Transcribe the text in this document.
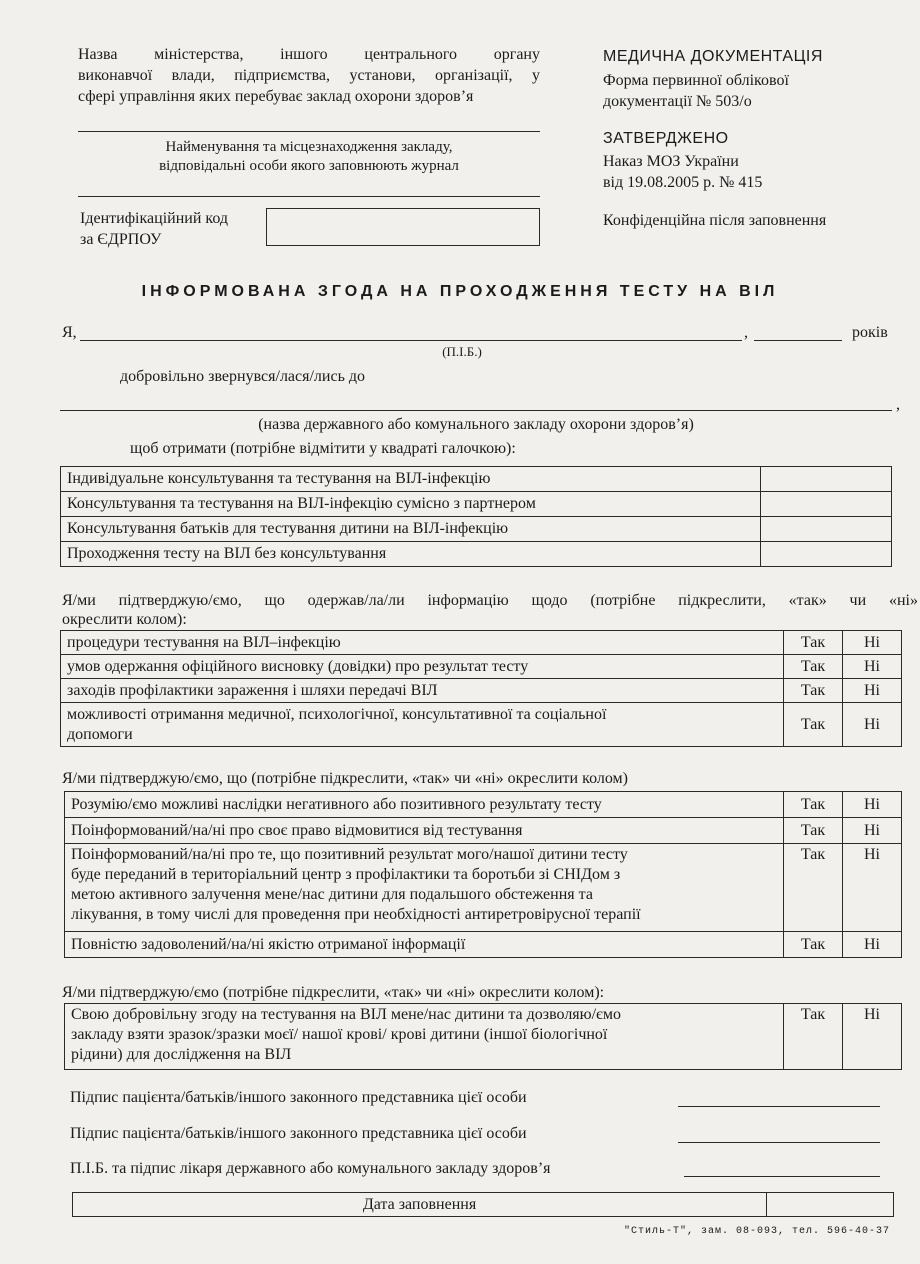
Назва міністерства, іншого центрального органу
виконавчої влади, підприємства, установи, організації, у
сфері управління яких перебуває заклад охорони здоров’я
Найменування та місцезнаходження закладу,
відповідальні особи якого заповнюють журнал
Ідентифікаційний код
за ЄДРПОУ
МЕДИЧНА ДОКУМЕНТАЦІЯ
Форма первинної облікової
документації № 503/о
ЗАТВЕРДЖЕНО
Наказ МОЗ України
від 19.08.2005 р. № 415
Конфіденційна після заповнення
ІНФОРМОВАНА ЗГОДА НА ПРОХОДЖЕННЯ ТЕСТУ НА ВІЛ
Я,	,	років
(П.І.Б.)
добровільно звернувся/лася/лись до
,
(назва державного або комунального закладу охорони здоров’я)
щоб отримати (потрібне відмітити у квадраті галочкою):
Індивідуальне консультування та тестування на ВІЛ-інфекцію	
Консультування та тестування на ВІЛ-інфекцію сумісно з партнером	
Консультування батьків для тестування дитини на ВІЛ-інфекцію	
Проходження тесту на ВІЛ без консультування	
Я/ми підтверджую/ємо, що одержав/ла/ли інформацію щодо (потрібне підкреслити, «так» чи «ні»
окреслити колом):
процедури тестування на ВІЛ–інфекцію	Так	Ні
умов одержання офіційного висновку (довідки) про результат тесту	Так	Ні
заходів профілактики зараження і шляхи передачі ВІЛ	Так	Ні

можливості отримання медичної, психологічної, консультативної та соціальної
допомоги	Так	Ні
Я/ми підтверджую/ємо, що (потрібне підкреслити, «так» чи «ні» окреслити колом)
Розумію/ємо можливі наслідки негативного або позитивного результату тесту	Так	Ні
Поінформований/на/ні про своє право відмовитися від тестування	Так	Ні

Поінформований/на/ні про те, що позитивний результат мого/нашої дитини тесту
буде переданий в територіальний центр з профілактики та боротьби зі СНІДом з
метою активного залучення мене/нас дитини для подальшого обстеження та
лікування, в тому числі для проведення при необхідності антиретровірусної терапії	Так	Ні
Повністю задоволений/на/ні якістю отриманої інформації	Так	Ні
Я/ми підтверджую/ємо (потрібне підкреслити, «так» чи «ні» окреслити колом):
Свою добровільну згоду на тестування на ВІЛ мене/нас дитини та дозволяю/ємо
закладу взяти зразок/зразки моєї/ нашої крові/ крові дитини (іншої біологічної
рідини) для дослідження на ВІЛ
	Так	Ні
Підпис пацієнта/батьків/іншого законного представника цієї особи
Підпис пацієнта/батьків/іншого законного представника цієї особи
П.І.Б. та підпис лікаря державного або комунального закладу здоров’я
Дата заповнення	
"Стиль-Т", зам. 08-093, тел. 596-40-37
